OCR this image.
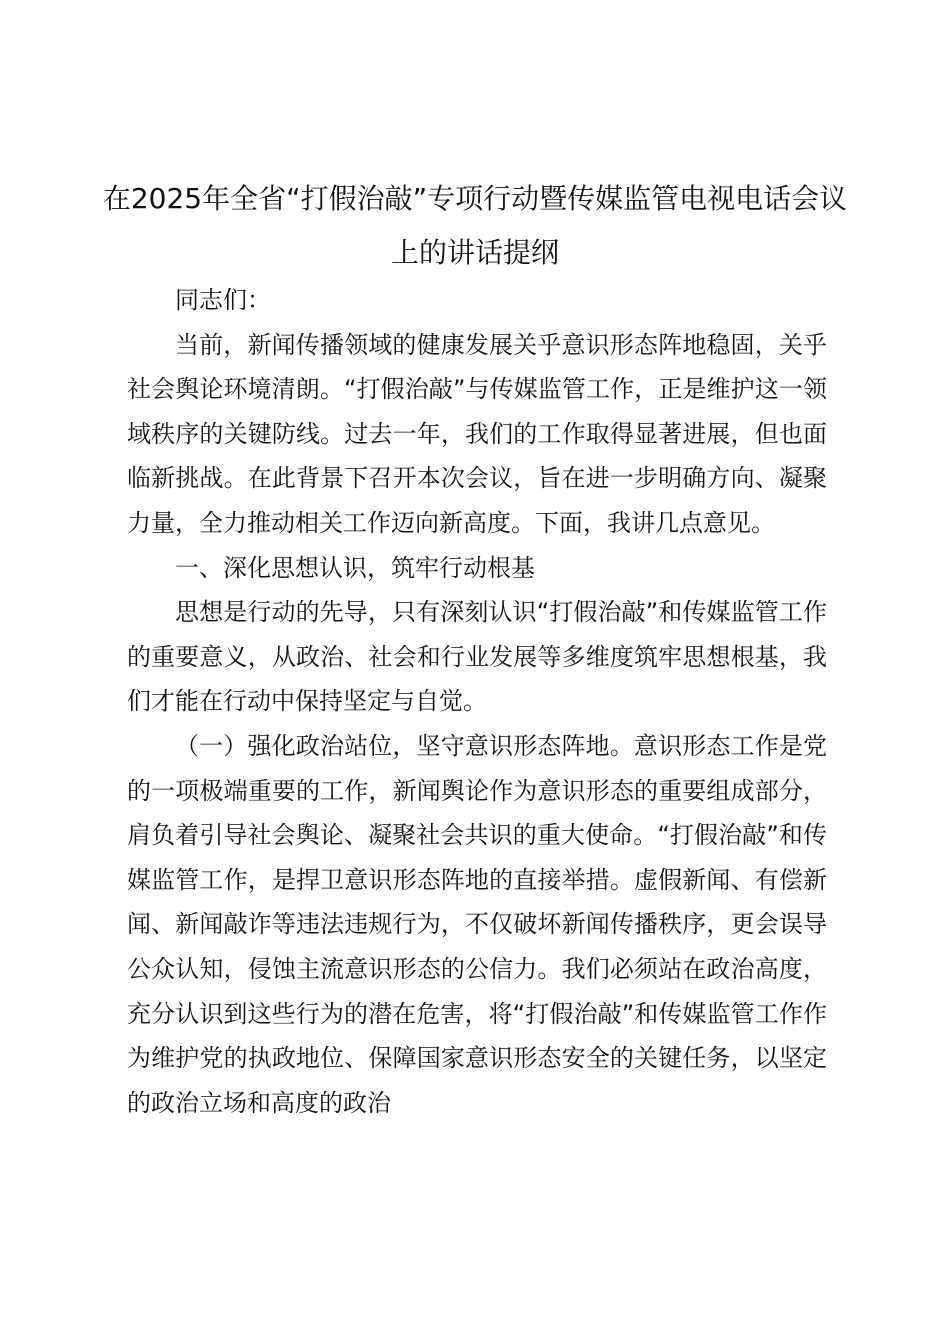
在2025年全省“打假治敲”专项行动暨传媒监管电视电话会议上的讲话提纲

同志们：

当前，新闻传播领域的健康发展关乎意识形态阵地稳固，关乎社会舆论环境清朗。“打假治敲”与传媒监管工作，正是维护这一领域秩序的关键防线。过去一年，我们的工作取得显著进展，但也面临新挑战。在此背景下召开本次会议，旨在进一步明确方向、凝聚力量，全力推动相关工作迈向新高度。下面，我讲几点意见。

一、深化思想认识，筑牢行动根基

思想是行动的先导，只有深刻认识“打假治敲”和传媒监管工作的重要意义，从政治、社会和行业发展等多维度筑牢思想根基，我们才能在行动中保持坚定与自觉。

（一）强化政治站位，坚守意识形态阵地。意识形态工作是党的一项极端重要的工作，新闻舆论作为意识形态的重要组成部分，肩负着引导社会舆论、凝聚社会共识的重大使命。“打假治敲”和传媒监管工作，是捍卫意识形态阵地的直接举措。虚假新闻、有偿新闻、新闻敲诈等违法违规行为，不仅破坏新闻传播秩序，更会误导公众认知，侵蚀主流意识形态的公信力。我们必须站在政治高度，充分认识到这些行为的潜在危害，将“打假治敲”和传媒监管工作作为维护党的执政地位、保障国家意识形态安全的关键任务，以坚定的政治立场和高度的政治
